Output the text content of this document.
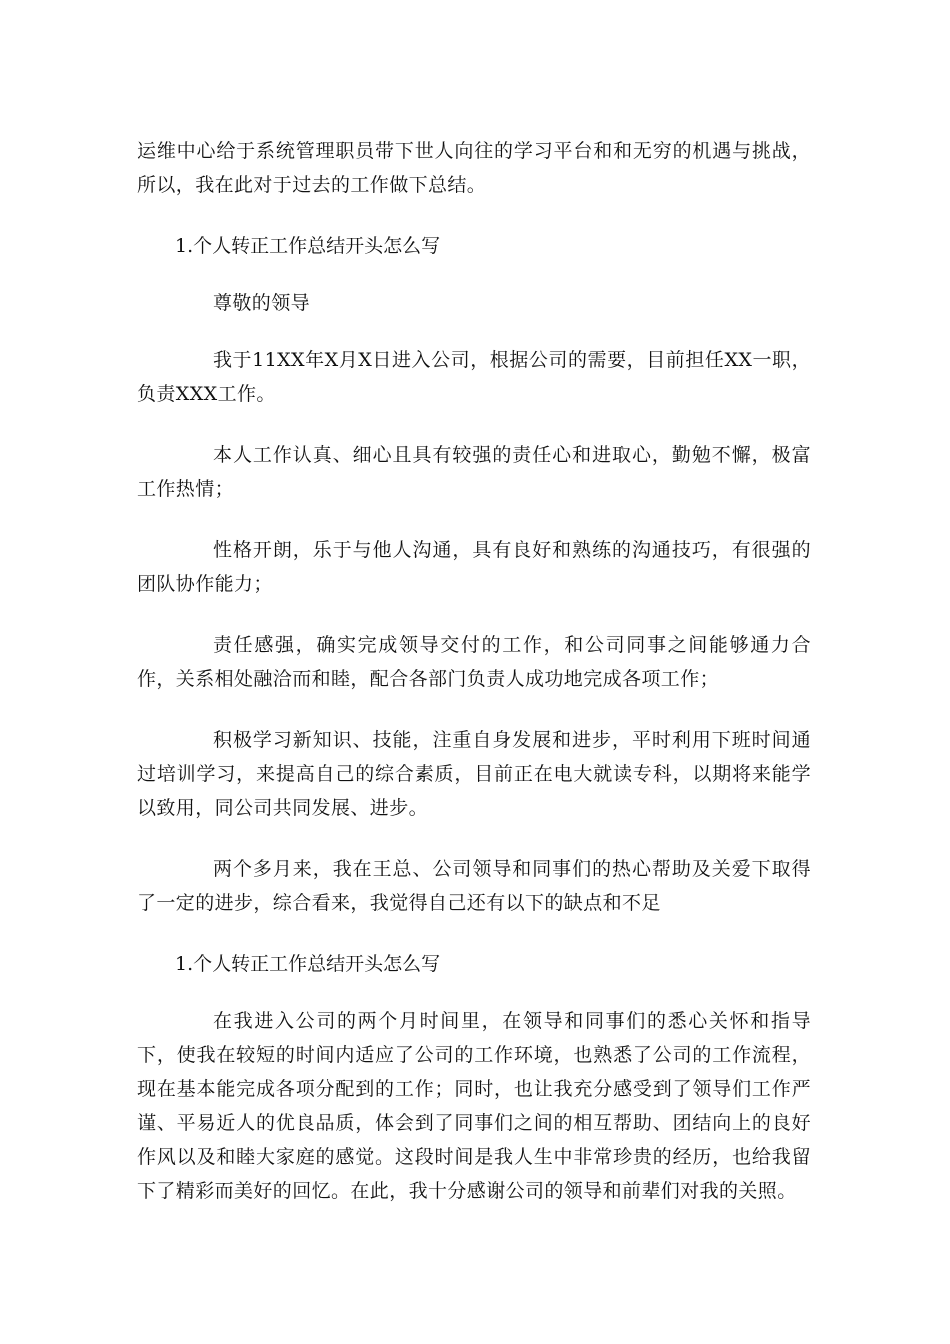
运维中心给于系统管理职员带下世人向往的学习平台和和无穷的机遇与挑战，所以，我在此对于过去的工作做下总结。

1.个人转正工作总结开头怎么写

尊敬的领导

我于11XX年X月X日进入公司，根据公司的需要，目前担任XX一职，负责XXX工作。

本人工作认真、细心且具有较强的责任心和进取心，勤勉不懈，极富工作热情；

性格开朗，乐于与他人沟通，具有良好和熟练的沟通技巧，有很强的团队协作能力；

责任感强，确实完成领导交付的工作，和公司同事之间能够通力合作，关系相处融洽而和睦，配合各部门负责人成功地完成各项工作；

积极学习新知识、技能，注重自身发展和进步，平时利用下班时间通过培训学习，来提高自己的综合素质，目前正在电大就读专科，以期将来能学以致用，同公司共同发展、进步。

两个多月来，我在王总、公司领导和同事们的热心帮助及关爱下取得了一定的进步，综合看来，我觉得自己还有以下的缺点和不足

1.个人转正工作总结开头怎么写

在我进入公司的两个月时间里，在领导和同事们的悉心关怀和指导下，使我在较短的时间内适应了公司的工作环境，也熟悉了公司的工作流程，现在基本能完成各项分配到的工作；同时，也让我充分感受到了领导们工作严谨、平易近人的优良品质，体会到了同事们之间的相互帮助、团结向上的良好作风以及和睦大家庭的感觉。这段时间是我人生中非常珍贵的经历，也给我留下了精彩而美好的回忆。在此，我十分感谢公司的领导和前辈们对我的关照。
